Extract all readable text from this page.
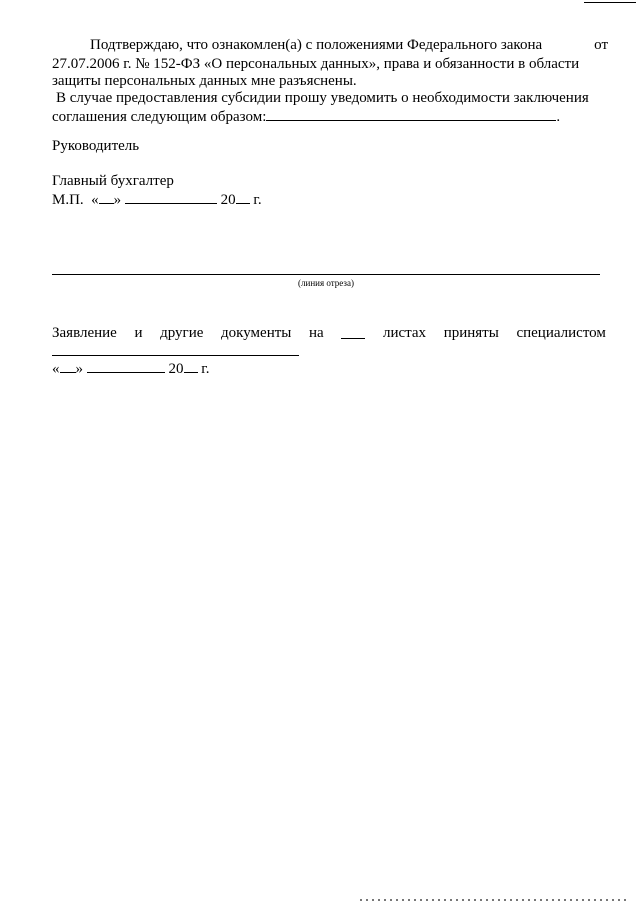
Подтверждаю, что ознакомлен(а) с положениями Федерального закона	от
27.07.2006 г. № 152-ФЗ «О персональных данных», права и обязанности в области
защиты персональных данных мне разъяснены.
В случае предоставления субсидии прошу уведомить о необходимости заключения
соглашения следующим образом:	.
Руководитель
Главный бухгалтер
М.П. « »	20 г.
(линия отреза)
Заявление и другие документы на	листах приняты специалистом
« »	20 г.
